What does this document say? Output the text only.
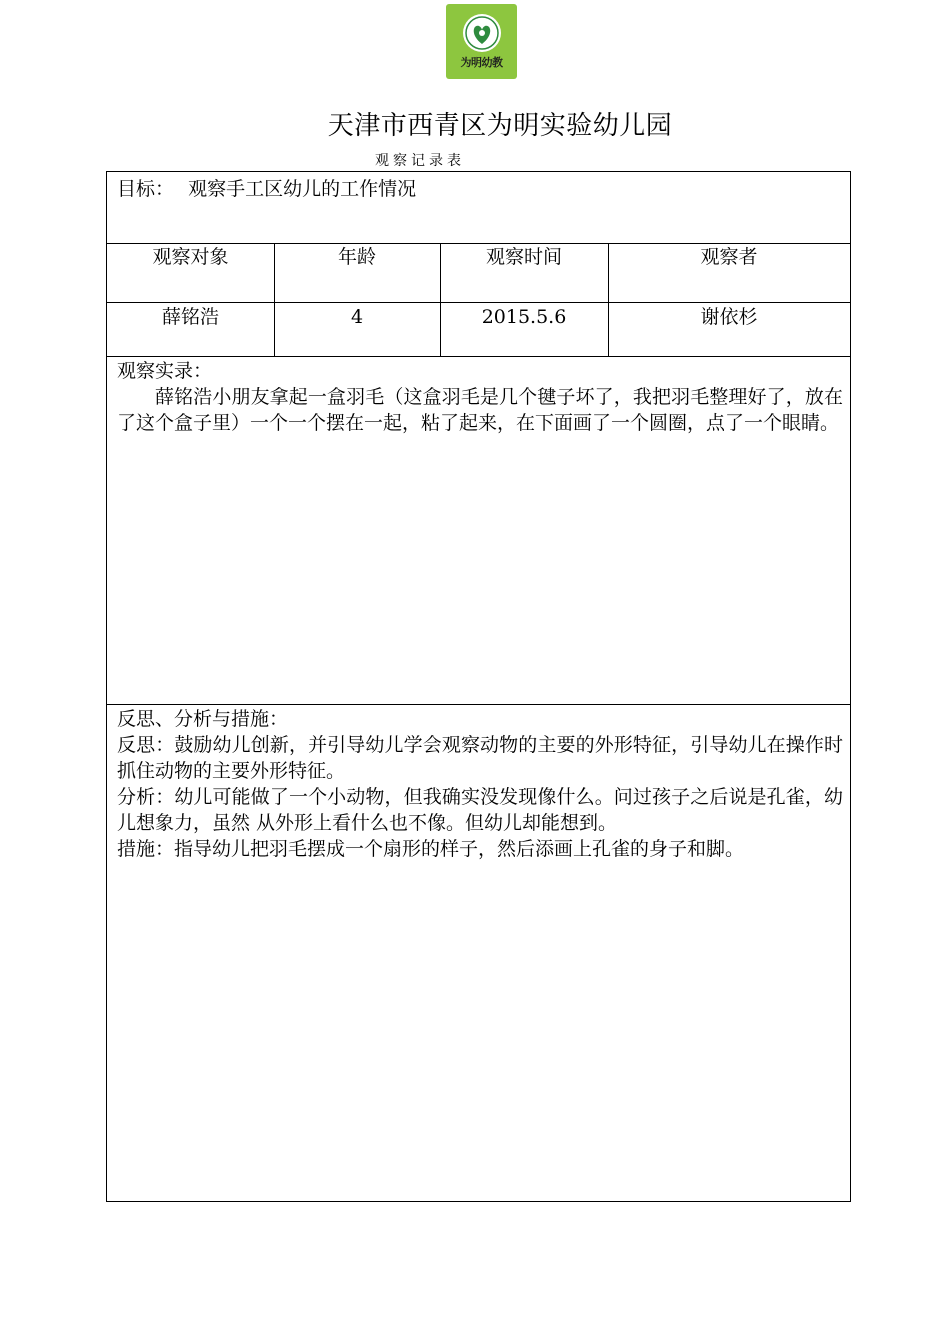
为明幼教
天津市西青区为明实验幼儿园
观察记录表
目标： 观察手工区幼儿的工作情况
观察对象	年龄	观察时间	观察者
薛铭浩	4	2015.5.6	谢依杉

观察实录：

薛铭浩小朋友拿起一盒羽毛（这盒羽毛是几个毽子坏了，我把羽毛整理好了，放在了这个盒子里）一个一个摆在一起，粘了起来，在下面画了一个圆圈，点了一个眼睛。

反思、分析与措施：

反思：鼓励幼儿创新，并引导幼儿学会观察动物的主要的外形特征，引导幼儿在操作时抓住动物的主要外形特征。

分析：幼儿可能做了一个小动物，但我确实没发现像什么。问过孩子之后说是孔雀，幼儿想象力，虽然 从外形上看什么也不像。但幼儿却能想到。

措施：指导幼儿把羽毛摆成一个扇形的样子，然后添画上孔雀的身子和脚。
